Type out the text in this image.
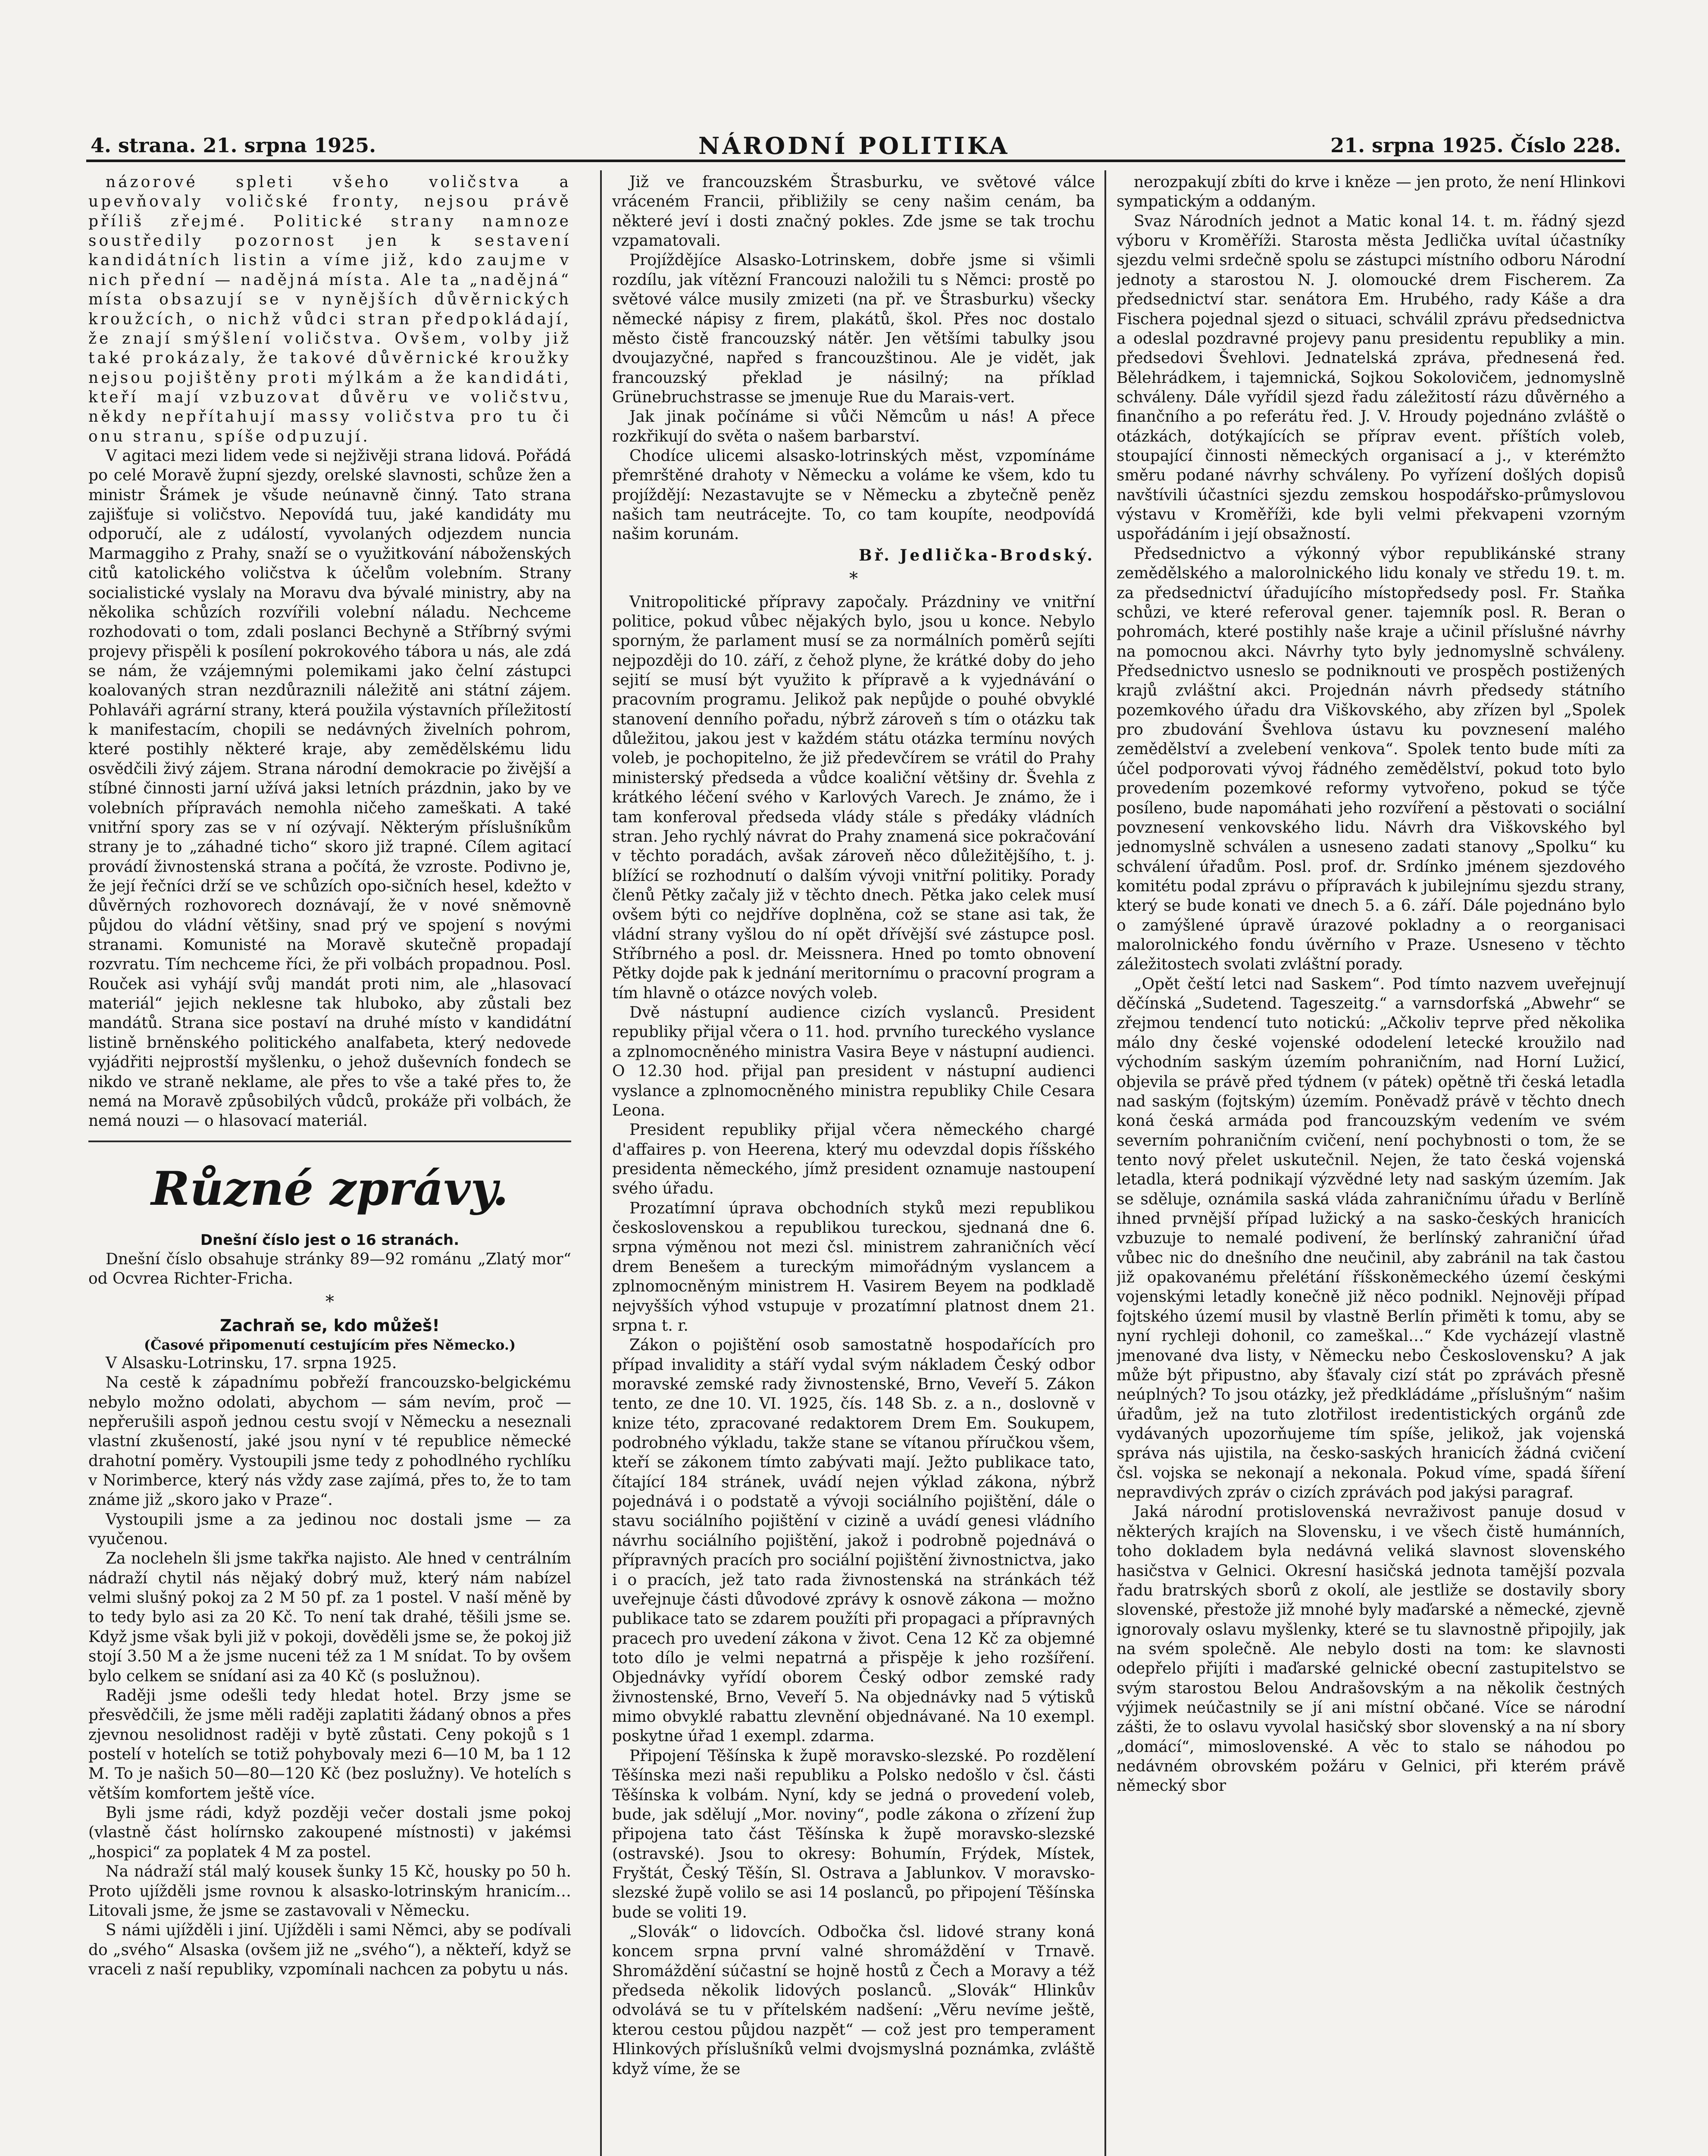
4. strana. 21. srpna 1925.	NÁRODNÍ POLITIKA	21. srpna 1925. Číslo 228.

názorové spleti všeho voličstva a upevňovaly voličské fronty, nejsou právě příliš zřejmé. Politické strany namnoze soustředily pozornost jen k sestavení kandidátních listin a víme již, kdo zaujme v nich přední — nadějná místa. Ale ta „nadějná“ místa obsazují se v nynějších důvěrnických kroužcích, o nichž vůdci stran předpokládají, že znají smýšlení voličstva. Ovšem, volby již také prokázaly, že takové důvěrnické kroužky nejsou pojištěny proti mýlkám a že kandidáti, kteří mají vzbuzovat důvěru ve voličstvu, někdy nepřítahují massy voličstva pro tu či onu stranu, spíše odpuzují.

V agitaci mezi lidem vede si nejživěji strana lidová. Pořádá po celé Moravě župní sjezdy, orelské slavnosti, schůze žen a ministr Šrámek je všude neúnavně činný. Tato strana zajišťuje si voličstvo. Nepovídá tuu, jaké kandidáty mu odporučí, ale z událostí, vyvolaných odjezdem nuncia Marmaggiho z Prahy, snaží se o využitkování náboženských citů katolického voličstva k účelům volebním. Strany socialistické vyslaly na Moravu dva bývalé ministry, aby na několika schůzích rozvířili volební náladu. Nechceme rozhodovati o tom, zdali poslanci Bechyně a Stříbrný svými projevy přispěli k posílení pokrokového tábora u nás, ale zdá se nám, že vzájemnými polemikami jako čelní zástupci koalovaných stran nezdůraznili náležitě ani státní zájem. Pohlaváři agrární strany, která použila výstavních příležitostí k manifestacím, chopili se nedávných živelních pohrom, které postihly některé kraje, aby zemědělskému lidu osvědčili živý zájem. Strana národní demokracie po živější a stíbné činnosti jarní užívá jaksi letních prázdnin, jako by ve volebních přípravách nemohla ničeho zameškati. A také vnitřní spory zas se v ní ozývají. Některým příslušníkům strany je to „záhadné ticho“ skoro již trapné. Cílem agitací provádí živnostenská strana a počítá, že vzroste. Podivno je, že její řečníci drží se ve schůzích opo-sičních hesel, kdežto v důvěrných rozhovorech doznávají, že v nové sněmovně půjdou do vládní většiny, snad prý ve spojení s novými stranami. Komunisté na Moravě skutečně propadají rozvratu. Tím nechceme říci, že při volbách propadnou. Posl. Rouček asi vyhájí svůj mandát proti nim, ale „hlasovací materiál“ jejich neklesne tak hluboko, aby zůstali bez mandátů. Strana sice postaví na druhé místo v kandidátní listině brněnského politického analfabeta, který nedovede vyjádřiti nejprostší myšlenku, o jehož duševních fondech se nikdo ve straně neklame, ale přes to vše a také přes to, že nemá na Moravě způsobilých vůdců, prokáže při volbách, že nemá nouzi — o hlasovací materiál.

Různé zprávy.

Dnešní číslo jest o 16 stranách.

Dnešní číslo obsahuje stránky 89—92 románu „Zlatý mor“ od Ocvrea Richter-Fricha.

*

Zachraň se, kdo můžeš!

(Časové připomenutí cestujícím přes Německo.)

V Alsasku-Lotrinsku, 17. srpna 1925.

Na cestě k západnímu pobřeží francouzsko-belgickému nebylo možno odolati, abychom — sám nevím, proč — nepřerušili aspoň jednou cestu svojí v Německu a neseznali vlastní zkušeností, jaké jsou nyní v té republice německé drahotní poměry. Vystoupili jsme tedy z pohodlného rychlíku v Norimberce, který nás vždy zase zajímá, přes to, že to tam známe již „skoro jako v Praze“.

Vystoupili jsme a za jedinou noc dostali jsme — za vyučenou.

Za nocleheln šli jsme takřka najisto. Ale hned v centrálním nádraží chytil nás nějaký dobrý muž, který nám nabízel velmi slušný pokoj za 2 M 50 pf. za 1 postel. V naší měně by to tedy bylo asi za 20 Kč. To není tak drahé, těšili jsme se. Když jsme však byli již v pokoji, dověděli jsme se, že pokoj již stojí 3.50 M a že jsme nuceni též za 1 M snídat. To by ovšem bylo celkem se snídaní asi za 40 Kč (s poslužnou).

Raději jsme odešli tedy hledat hotel. Brzy jsme se přesvědčili, že jsme měli raději zaplatiti žádaný obnos a přes zjevnou nesolidnost raději v bytě zůstati. Ceny pokojů s 1 postelí v hotelích se totiž pohybovaly mezi 6—10 M, ba 1 12 M. To je našich 50—80—120 Kč (bez poslužny). Ve hotelích s větším komfortem ještě více.

Byli jsme rádi, když později večer dostali jsme pokoj (vlastně část holírnsko zakoupené místnosti) v jakémsi „hospici“ za poplatek 4 M za postel.

Na nádraží stál malý kousek šunky 15 Kč, housky po 50 h. Proto ujížděli jsme rovnou k alsasko-lotrinským hranicím… Litovali jsme, že jsme se zastavovali v Německu.

S námi ujížděli i jiní. Ujížděli i sami Němci, aby se podívali do „svého“ Alsaska (ovšem již ne „svého“), a někteří, když se vraceli z naší republiky, vzpomínali nachcen za pobytu u nás.

Již ve francouzském Štrasburku, ve světové válce vráceném Francii, přibližily se ceny našim cenám, ba některé jeví i dosti značný pokles. Zde jsme se tak trochu vzpamatovali.

Projíždějíce Alsasko-Lotrinskem, dobře jsme si všimli rozdílu, jak vítězní Francouzi naložili tu s Němci: prostě po světové válce musily zmizeti (na př. ve Štrasburku) všecky německé nápisy z firem, plakátů, škol. Přes noc dostalo město čistě francouzský nátěr. Jen většími tabulky jsou dvoujazyčné, napřed s francouzštinou. Ale je vidět, jak francouzský překlad je násilný; na příklad Grünebruchstrasse se jmenuje Rue du Marais-vert.

Jak jinak počínáme si vůči Němcům u nás! A přece rozkřikují do světa o našem barbarství.

Chodíce ulicemi alsasko-lotrinských měst, vzpomínáme přemrštěné drahoty v Německu a voláme ke všem, kdo tu projíždějí: Nezastavujte se v Německu a zbytečně peněz našich tam neutrácejte. To, co tam koupíte, neodpovídá našim korunám.

Bř. Jedlička-Brodský.

*

Vnitropolitické přípravy započaly. Prázdniny ve vnitřní politice, pokud vůbec nějakých bylo, jsou u konce. Nebylo sporným, že parlament musí se za normálních poměrů sejíti nejpozději do 10. září, z čehož plyne, že krátké doby do jeho sejití se musí být využito k přípravě a k vyjednávání o pracovním programu. Jelikož pak nepůjde o pouhé obvyklé stanovení denního pořadu, nýbrž zároveň s tím o otázku tak důležitou, jakou jest v každém státu otázka termínu nových voleb, je pochopitelno, že již předevčírem se vrátil do Prahy ministerský předseda a vůdce koaliční většiny dr. Švehla z krátkého léčení svého v Karlových Varech. Je známo, že i tam konferoval předseda vlády stále s předáky vládních stran. Jeho rychlý návrat do Prahy znamená sice pokračování v těchto poradách, avšak zároveň něco důležitějšího, t. j. blížící se rozhodnutí o dalším vývoji vnitřní politiky. Porady členů Pětky začaly již v těchto dnech. Pětka jako celek musí ovšem býti co nejdříve doplněna, což se stane asi tak, že vládní strany vyšlou do ní opět dřívější své zástupce posl. Stříbrného a posl. dr. Meissnera. Hned po tomto obnovení Pětky dojde pak k jednání meritornímu o pracovní program a tím hlavně o otázce nových voleb.

Dvě nástupní audience cizích vyslanců. President republiky přijal včera o 11. hod. prvního tureckého vyslance a zplnomocněného ministra Vasira Beye v nástupní audienci. O 12.30 hod. přijal pan president v nástupní audienci vyslance a zplnomocněného ministra republiky Chile Cesara Leona.

President republiky přijal včera německého chargé d'affaires p. von Heerena, který mu odevzdal dopis říšského presidenta německého, jímž president oznamuje nastoupení svého úřadu.

Prozatímní úprava obchodních styků mezi republikou československou a republikou tureckou, sjednaná dne 6. srpna výměnou not mezi čsl. ministrem zahraničních věcí drem Benešem a tureckým mimořádným vyslancem a zplnomocněným ministrem H. Vasirem Beyem na podkladě nejvyšších výhod vstupuje v prozatímní platnost dnem 21. srpna t. r.

Zákon o pojištění osob samostatně hospodařících pro případ invalidity a stáří vydal svým nákladem Český odbor moravské zemské rady živnostenské, Brno, Veveří 5. Zákon tento, ze dne 10. VI. 1925, čís. 148 Sb. z. a n., doslovně v knize této, zpracované redaktorem Drem Em. Soukupem, podrobného výkladu, takže stane se vítanou příručkou všem, kteří se zákonem tímto zabývati mají. Ježto publikace tato, čítající 184 stránek, uvádí nejen výklad zákona, nýbrž pojednává i o podstatě a vývoji sociálního pojištění, dále o stavu sociálního pojištění v cizině a uvádí genesi vládního návrhu sociálního pojištění, jakož i podrobně pojednává o přípravných pracích pro sociální pojištění živnostnictva, jako i o pracích, jež tato rada živnostenská na stránkách též uveřejnuje části důvodové zprávy k osnově zákona — možno publikace tato se zdarem použíti při propagaci a přípravných pracech pro uvedení zákona v život. Cena 12 Kč za objemné toto dílo je velmi nepatrná a přispěje k jeho rozšíření. Objednávky vyřídí oborem Český odbor zemské rady živnostenské, Brno, Veveří 5. Na objednávky nad 5 výtisků mimo obvyklé rabattu zlevnění objednávané. Na 10 exempl. poskytne úřad 1 exempl. zdarma.

Připojení Těšínska k župě moravsko-slezské. Po rozdělení Těšínska mezi naši republiku a Polsko nedošlo v čsl. části Těšínska k volbám. Nyní, kdy se jedná o provedení voleb, bude, jak sdělují „Mor. noviny“, podle zákona o zřízení žup připojena tato část Těšínska k župě moravsko-slezské (ostravské). Jsou to okresy: Bohumín, Frýdek, Místek, Fryštát, Český Těšín, Sl. Ostrava a Jablunkov. V moravsko-slezské župě volilo se asi 14 poslanců, po připojení Těšínska bude se voliti 19.

„Slovák“ o lidovcích. Odbočka čsl. lidové strany koná koncem srpna první valné shromáždění v Trnavě. Shromáždění súčastní se hojně hostů z Čech a Moravy a též předseda několik lidových poslanců. „Slovák“ Hlinkův odvolává se tu v přítelském nadšení: „Věru nevíme ještě, kterou cestou půjdou nazpět“ — což jest pro temperament Hlinkových příslušníků velmi dvojsmyslná poznámka, zvláště když víme, že se

nerozpakují zbíti do krve i kněze — jen proto, že není Hlinkovi sympatickým a oddaným.

Svaz Národních jednot a Matic konal 14. t. m. řádný sjezd výboru v Kroměříži. Starosta města Jedlička uvítal účastníky sjezdu velmi srdečně spolu se zástupci místního odboru Národní jednoty a starostou N. J. olomoucké drem Fischerem. Za předsednictví star. senátora Em. Hrubého, rady Káše a dra Fischera pojednal sjezd o situaci, schválil zprávu předsednictva a odeslal pozdravné projevy panu presidentu republiky a min. předsedovi Švehlovi. Jednatelská zpráva, přednesená řed. Bělehrádkem, i tajemnická, Sojkou Sokolovičem, jednomyslně schváleny. Dále vyřídil sjezd řadu záležitostí rázu důvěrného a finančního a po referátu řed. J. V. Hroudy pojednáno zvláště o otázkách, dotýkajících se příprav event. příštích voleb, stoupající činnosti německých organisací a j., v kterémžto směru podané návrhy schváleny. Po vyřízení došlých dopisů navštívili účastníci sjezdu zemskou hospodářsko-průmyslovou výstavu v Kroměříži, kde byli velmi překvapeni vzorným uspořádáním i její obsažností.

Předsednictvo a výkonný výbor republikánské strany zemědělského a malorolnického lidu konaly ve středu 19. t. m. za předsednictví úřadujícího místopředsedy posl. Fr. Staňka schůzi, ve které referoval gener. tajemník posl. R. Beran o pohromách, které postihly naše kraje a učinil příslušné návrhy na pomocnou akci. Návrhy tyto byly jednomyslně schváleny. Předsednictvo usneslo se podniknouti ve prospěch postižených krajů zvláštní akci. Projednán návrh předsedy státního pozemkového úřadu dra Viškovského, aby zřízen byl „Spolek pro zbudování Švehlova ústavu ku povznesení malého zemědělství a zvelebení venkova“. Spolek tento bude míti za účel podporovati vývoj řádného zemědělství, pokud toto bylo provedením pozemkové reformy vytvořeno, pokud se týče posíleno, bude napomáhati jeho rozvíření a pěstovati o sociální povznesení venkovského lidu. Návrh dra Viškovského byl jednomyslně schválen a usneseno zadati stanovy „Spolku“ ku schválení úřadům. Posl. prof. dr. Srdínko jménem sjezdového komitétu podal zprávu o přípravách k jubilejnímu sjezdu strany, který se bude konati ve dnech 5. a 6. září. Dále pojednáno bylo o zamýšlené úpravě úrazové pokladny a o reorganisaci malorolnického fondu úvěrního v Praze. Usneseno v těchto záležitostech svolati zvláštní porady.

„Opět čeští letci nad Saskem“. Pod tímto nazvem uveřejnují děčínská „Sudetend. Tageszeitg.“ a varnsdorfská „Abwehr“ se zřejmou tendencí tuto notickú: „Ačkoliv teprve před několika málo dny české vojenské ododelení letecké kroužilo nad východním saským územím pohraničním, nad Horní Lužicí, objevila se právě před týdnem (v pátek) opětně tři česká letadla nad saským (fojtským) územím. Poněvadž právě v těchto dnech koná česká armáda pod francouzským vedením ve svém severním pohraničním cvičení, není pochybnosti o tom, že se tento nový přelet uskutečnil. Nejen, že tato česká vojenská letadla, která podnikají výzvědné lety nad saským územím. Jak se sděluje, oznámila saská vláda zahraničnímu úřadu v Berlíně ihned prvnější případ lužický a na sasko-českých hranicích vzbuzuje to nemalé podivení, že berlínský zahraniční úřad vůbec nic do dnešního dne neučinil, aby zabránil na tak častou již opakovanému přelétání říšskoněmeckého území českými vojenskými letadly konečně již něco podnikl. Nejnověji případ fojtského území musil by vlastně Berlín přiměti k tomu, aby se nyní rychleji dohonil, co zameškal…“ Kde vycházejí vlastně jmenované dva listy, v Německu nebo Československu? A jak může být připustno, aby šťavaly cizí stát po zprávách přesně neúplných? To jsou otázky, jež předkládáme „příslušným“ našim úřadům, jež na tuto zlotřilost iredentistických orgánů zde vydávaných upozorňujeme tím spíše, jelikož, jak vojenská správa nás ujistila, na česko-saských hranicích žádná cvičení čsl. vojska se nekonají a nekonala. Pokud víme, spadá šíření nepravdivých zpráv o cizích zprávách pod jakýsi paragraf.

Jaká národní protislovenská nevraživost panuje dosud v některých krajích na Slovensku, i ve všech čistě humánních, toho dokladem byla nedávná veliká slavnost slovenského hasičstva v Gelnici. Okresní hasičská jednota tamější pozvala řadu bratrských sborů z okolí, ale jestliže se dostavily sbory slovenské, přestože již mnohé byly maďarské a německé, zjevně ignorovaly oslavu myšlenky, které se tu slavnostně připojily, jak na svém společně. Ale nebylo dosti na tom: ke slavnosti odepřelo přijíti i maďarské gelnické obecní zastupitelstvo se svým starostou Belou Andrašovským a na několik čestných výjimek neúčastnily se jí ani místní občané. Více se národní zášti, že to oslavu vyvolal hasičský sbor slovenský a na ní sbory „domácí“, mimoslovenské. A věc to stalo se náhodou po nedávném obrovském požáru v Gelnici, při kterém právě německý sbor
